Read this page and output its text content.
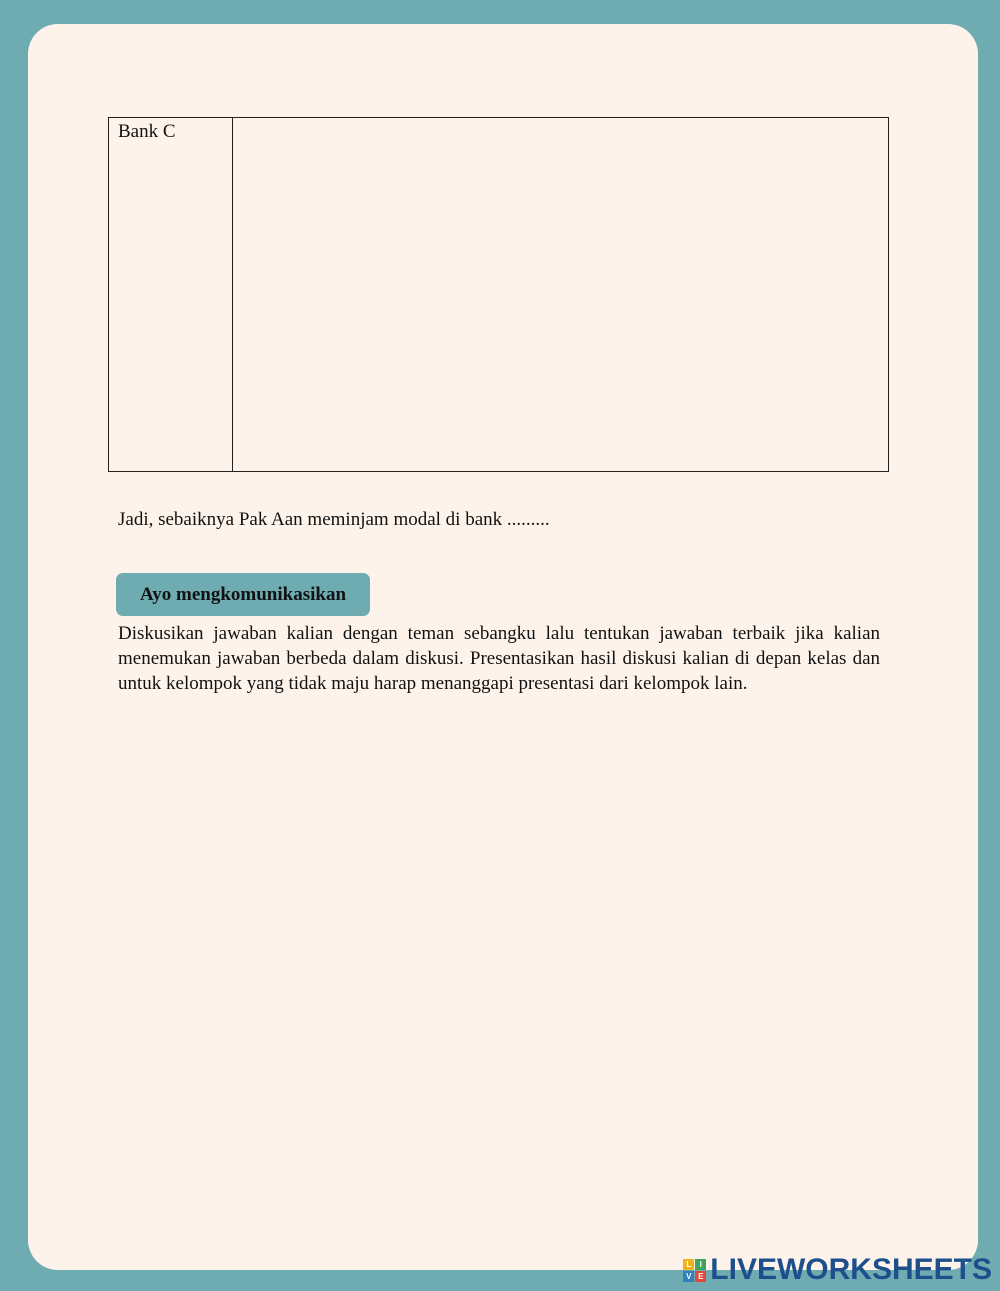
Bank C

Jadi, sebaiknya Pak Aan meminjam modal di bank .........

Ayo mengkomunikasikan

Diskusikan jawaban kalian dengan teman sebangku lalu tentukan jawaban terbaik jika kalian menemukan jawaban berbeda dalam diskusi. Presentasikan hasil diskusi kalian di depan kelas dan untuk kelompok yang tidak maju harap menanggapi presentasi dari kelompok lain.

L	I
V E LIVEWORKSHEETS
